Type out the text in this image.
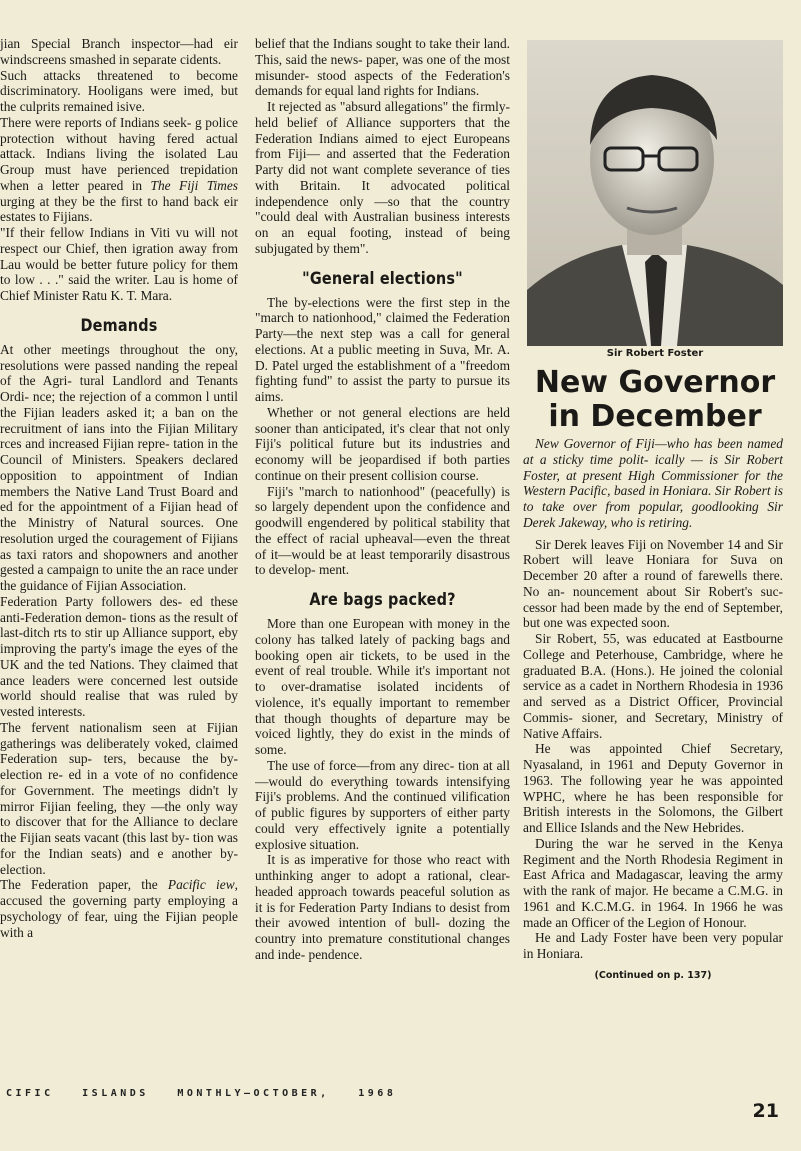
jian Special Branch inspector—had eir windscreens smashed in separate cidents.

Such attacks threatened to become discriminatory. Hooligans were imed, but the culprits remained isive.

There were reports of Indians seek- g police protection without having fered actual attack. Indians living the isolated Lau Group must have perienced trepidation when a letter peared in The Fiji Times urging at they be the first to hand back eir estates to Fijians.

"If their fellow Indians in Viti vu will not respect our Chief, then igration away from Lau would be better future policy for them to low . . ." said the writer. Lau is home of Chief Minister Ratu K. T. Mara.

Demands

At other meetings throughout the ony, resolutions were passed nanding the repeal of the Agri- tural Landlord and Tenants Ordi- nce; the rejection of a common l until the Fijian leaders asked it; a ban on the recruitment of ians into the Fijian Military rces and increased Fijian repre- tation in the Council of Ministers. Speakers declared opposition to appointment of Indian members the Native Land Trust Board and ed for the appointment of a Fijian head of the Ministry of Natural sources. One resolution urged the couragement of Fijians as taxi rators and shopowners and another gested a campaign to unite the an race under the guidance of Fijian Association.

Federation Party followers des- ed these anti-Federation demon- tions as the result of last-ditch rts to stir up Alliance support, eby improving the party's image the eyes of the UK and the ted Nations. They claimed that ance leaders were concerned lest outside world should realise that was ruled by vested interests.

The fervent nationalism seen at Fijian gatherings was deliberately voked, claimed Federation sup- ters, because the by-election re- ed in a vote of no confidence for Government. The meetings didn't ly mirror Fijian feeling, they —the only way to discover that for the Alliance to declare the Fijian seats vacant (this last by- tion was for the Indian seats) and e another by-election.

The Federation paper, the Pacific iew, accused the governing party employing a psychology of fear, uing the Fijian people with a

belief that the Indians sought to take their land. This, said the news- paper, was one of the most misunder- stood aspects of the Federation's demands for equal land rights for Indians.

It rejected as "absurd allegations" the firmly-held belief of Alliance supporters that the Federation Indians aimed to eject Europeans from Fiji— and asserted that the Federation Party did not want complete severance of ties with Britain. It advocated political independence only —so that the country "could deal with Australian business interests on an equal footing, instead of being subjugated by them".

"General elections"

The by-elections were the first step in the "march to nationhood," claimed the Federation Party—the next step was a call for general elections. At a public meeting in Suva, Mr. A. D. Patel urged the establishment of a "freedom fighting fund" to assist the party to pursue its aims.

Whether or not general elections are held sooner than anticipated, it's clear that not only Fiji's political future but its industries and economy will be jeopardised if both parties continue on their present collision course.

Fiji's "march to nationhood" (peacefully) is so largely dependent upon the confidence and goodwill engendered by political stability that the effect of racial upheaval—even the threat of it—would be at least temporarily disastrous to develop- ment.

Are bags packed?

More than one European with money in the colony has talked lately of packing bags and booking open air tickets, to be used in the event of real trouble. While it's important not to over-dramatise isolated incidents of violence, it's equally important to remember that though thoughts of departure may be voiced lightly, they do exist in the minds of some.

The use of force—from any direc- tion at all—would do everything towards intensifying Fiji's problems. And the continued vilification of public figures by supporters of either party could very effectively ignite a potentially explosive situation.

It is as imperative for those who react with unthinking anger to adopt a rational, clear-headed approach towards peaceful solution as it is for Federation Party Indians to desist from their avowed intention of bull- dozing the country into premature constitutional changes and inde- pendence.

Sir Robert Foster
New Governor in December

New Governor of Fiji—who has been named at a sticky time polit- ically — is Sir Robert Foster, at present High Commissioner for the Western Pacific, based in Honiara. Sir Robert is to take over from popular, goodlooking Sir Derek Jakeway, who is retiring.

Sir Derek leaves Fiji on November 14 and Sir Robert will leave Honiara for Suva on December 20 after a round of farewells there. No an- nouncement about Sir Robert's suc- cessor had been made by the end of September, but one was expected soon.

Sir Robert, 55, was educated at Eastbourne College and Peterhouse, Cambridge, where he graduated B.A. (Hons.). He joined the colonial service as a cadet in Northern Rhodesia in 1936 and served as a District Officer, Provincial Commis- sioner, and Secretary, Ministry of Native Affairs.

He was appointed Chief Secretary, Nyasaland, in 1961 and Deputy Governor in 1963. The following year he was appointed WPHC, where he has been responsible for British interests in the Solomons, the Gilbert and Ellice Islands and the New Hebrides.

During the war he served in the Kenya Regiment and the North Rhodesia Regiment in East Africa and Madagascar, leaving the army with the rank of major. He became a C.M.G. in 1961 and K.C.M.G. in 1964. In 1966 he was made an Officer of the Legion of Honour.

He and Lady Foster have been very popular in Honiara.

(Continued on p. 137)
CIFIC   ISLANDS   MONTHLY—OCTOBER,   1968
21
